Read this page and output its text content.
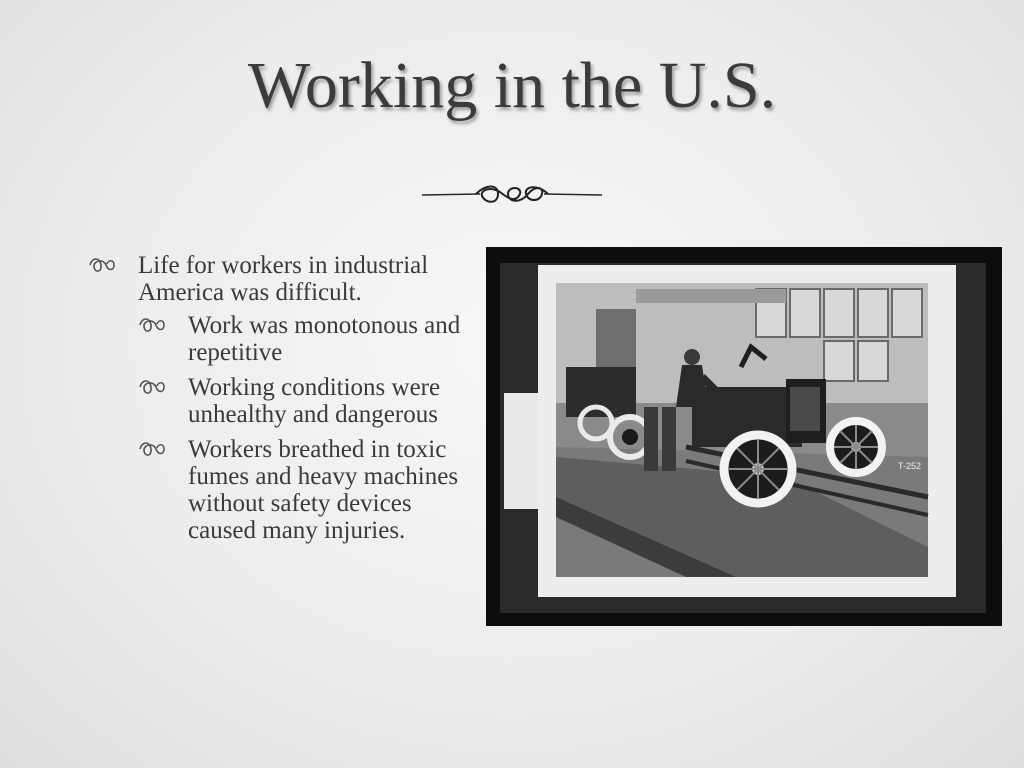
Working in the U.S.
Life for workers in industrial America was difficult.
Work was monotonous and repetitive
Working conditions were unhealthy and dangerous
Workers breathed in toxic fumes and heavy machines without safety devices caused many injuries.
T-252
